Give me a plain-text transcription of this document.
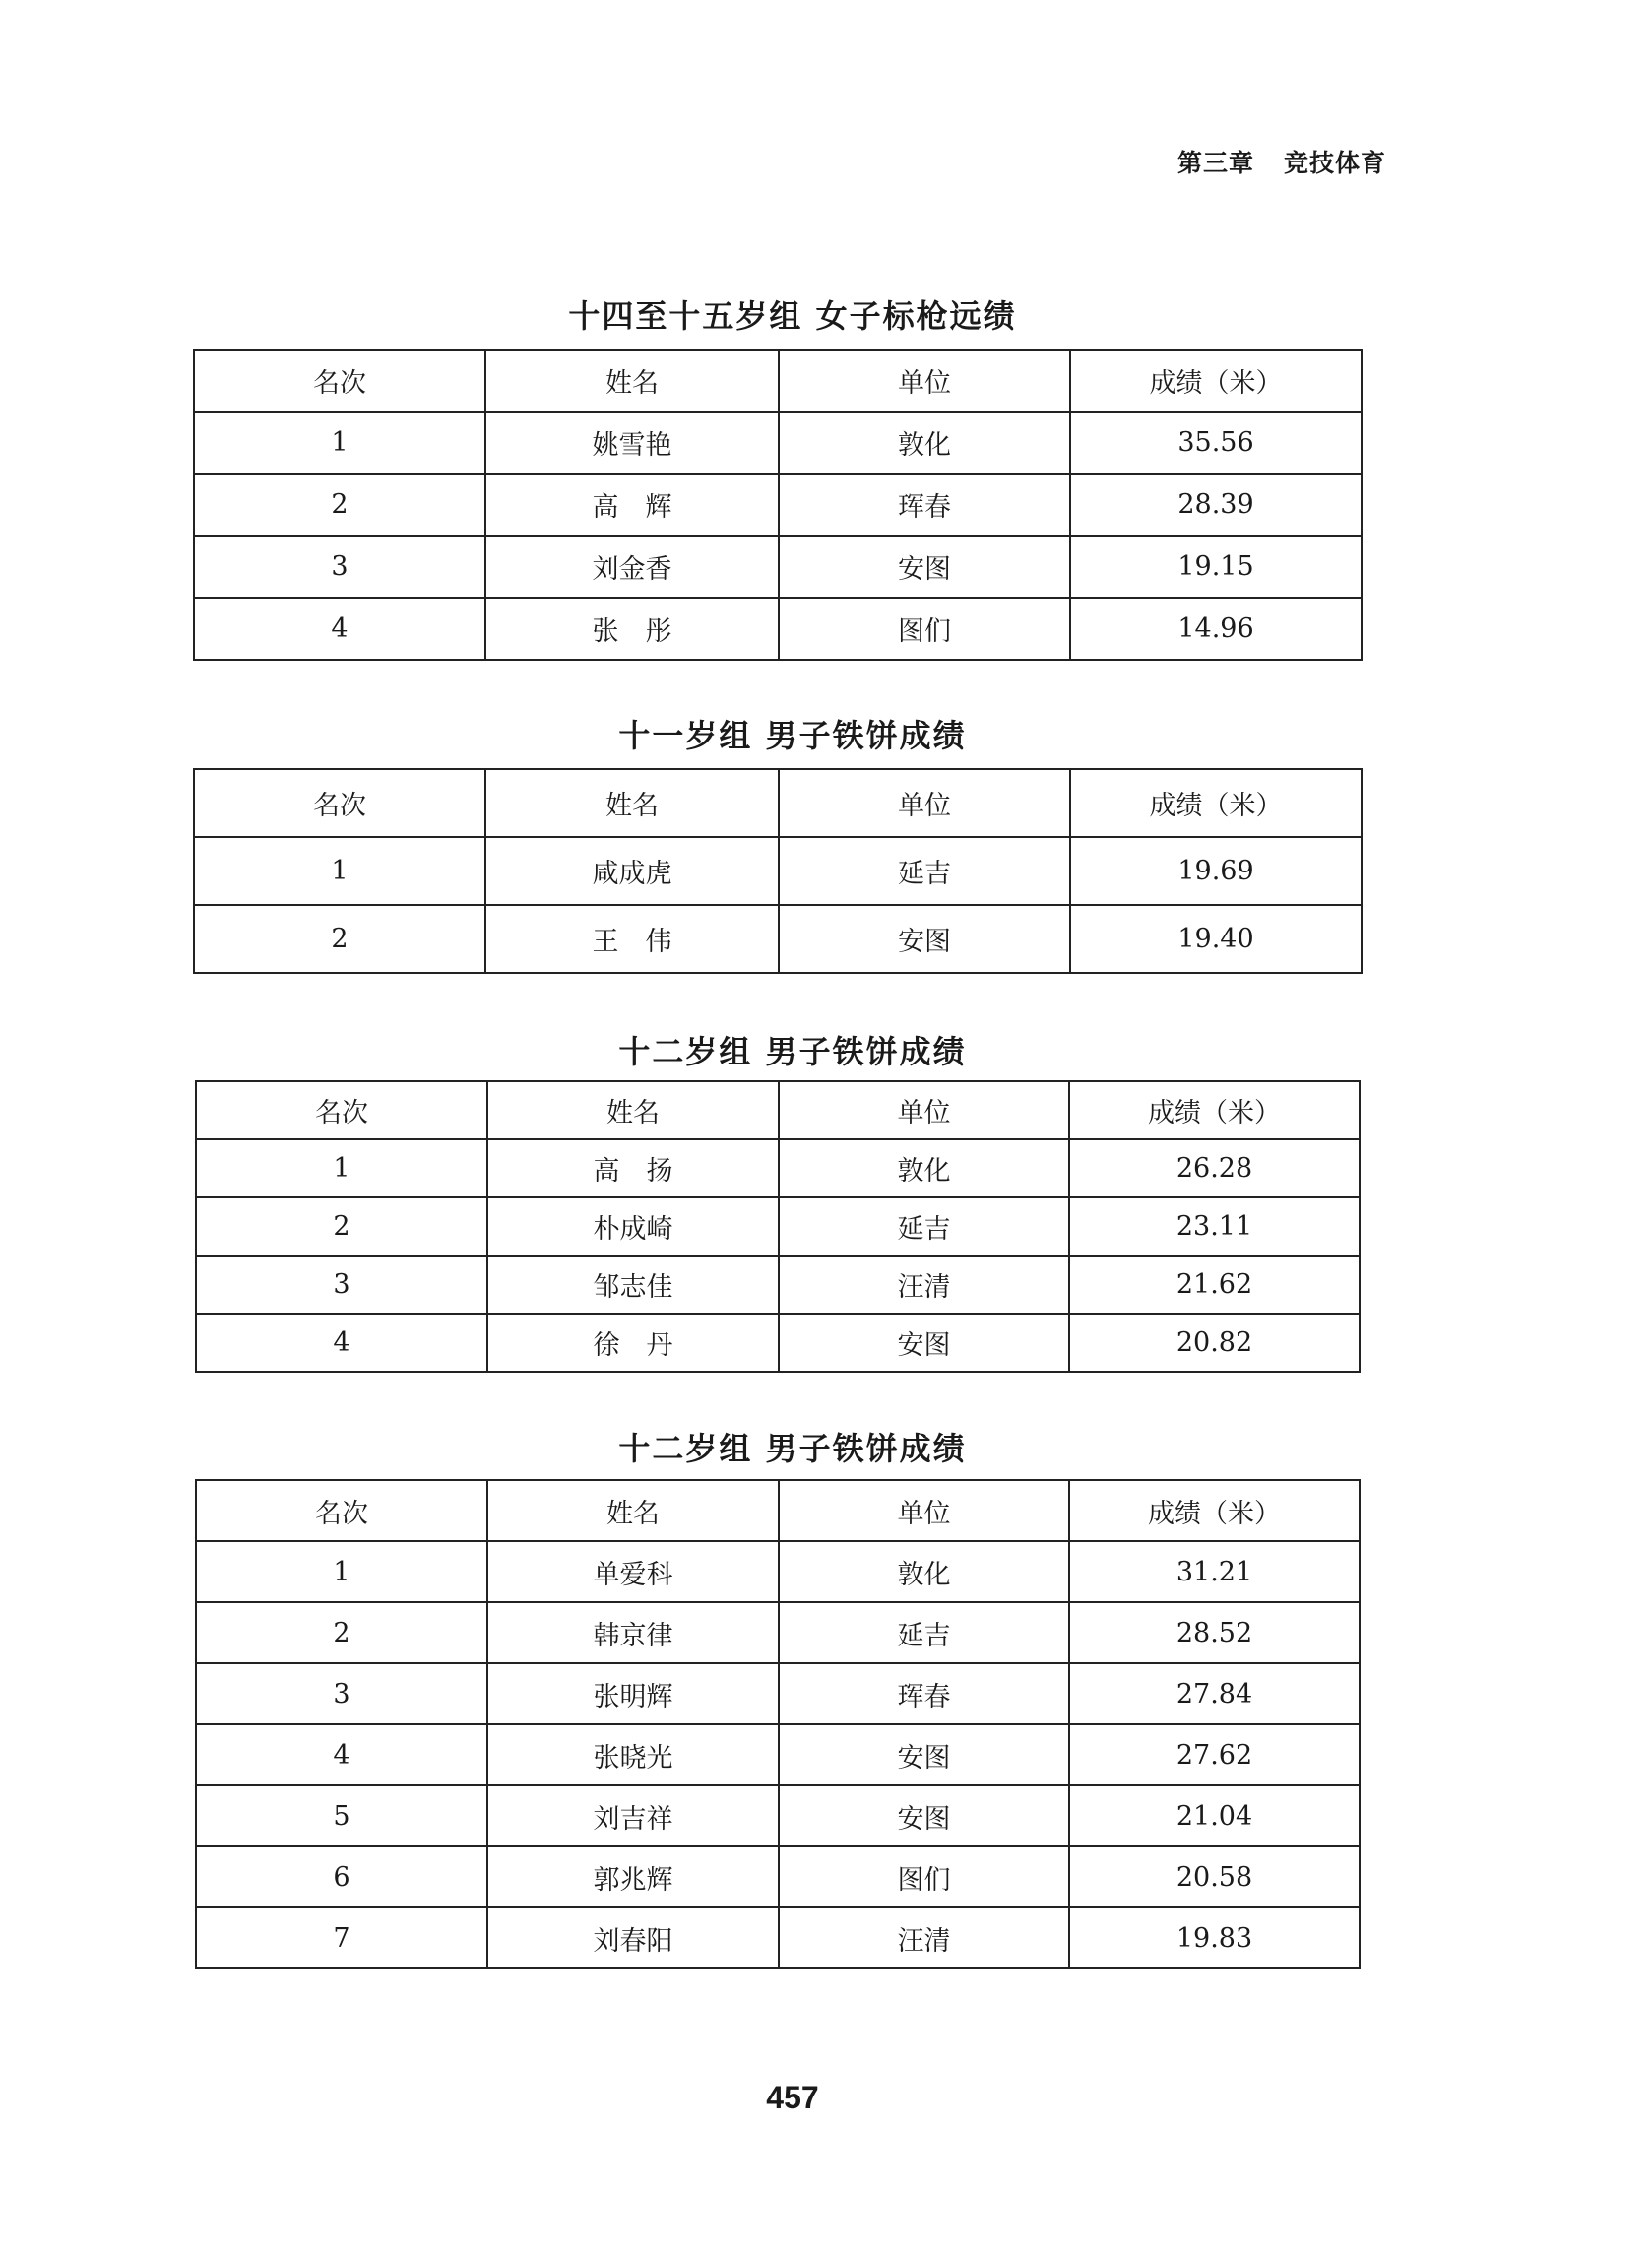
第三章 竞技体育
十四至十五岁组 女子标枪远绩
名次	姓名	单位	成绩（米）
1	姚雪艳	敦化	35.56
2	高　辉	珲春	28.39
3	刘金香	安图	19.15
4	张　彤	图们	14.96
十一岁组 男子铁饼成绩
名次	姓名	单位	成绩（米）
1	咸成虎	延吉	19.69
2	王　伟	安图	19.40
十二岁组 男子铁饼成绩
名次	姓名	单位	成绩（米）
1	高　扬	敦化	26.28
2	朴成崎	延吉	23.11
3	邹志佳	汪清	21.62
4	徐　丹	安图	20.82
十二岁组 男子铁饼成绩
名次	姓名	单位	成绩（米）
1	单爱科	敦化	31.21
2	韩京律	延吉	28.52
3	张明辉	珲春	27.84
4	张晓光	安图	27.62
5	刘吉祥	安图	21.04
6	郭兆辉	图们	20.58
7	刘春阳	汪清	19.83
457
